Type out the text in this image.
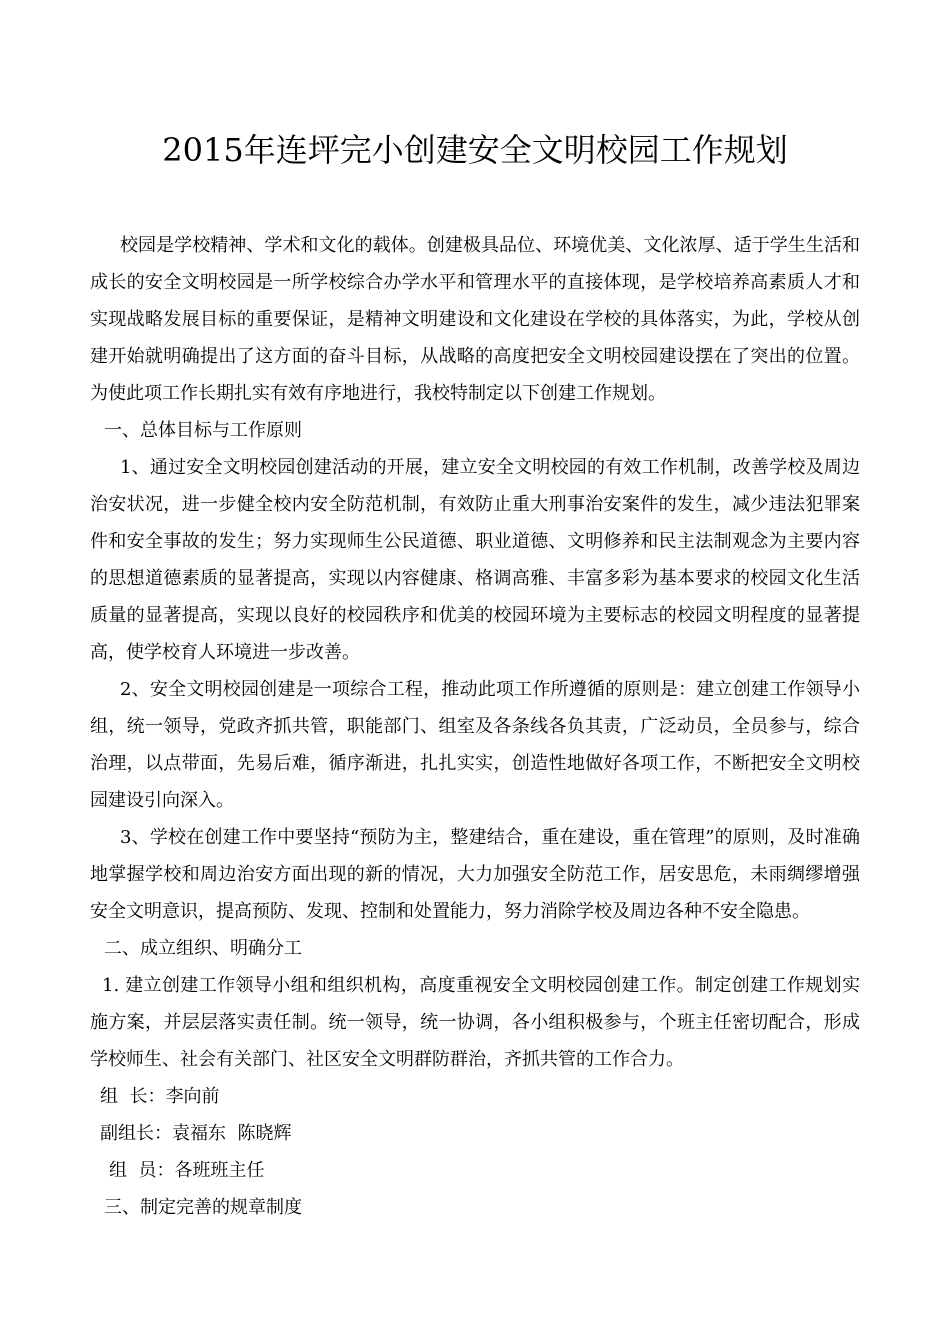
2015年连坪完小创建安全文明校园工作规划

校园是学校精神、学术和文化的载体。创建极具品位、环境优美、文化浓厚、适于学生生活和成长的安全文明校园是一所学校综合办学水平和管理水平的直接体现，是学校培养高素质人才和实现战略发展目标的重要保证，是精神文明建设和文化建设在学校的具体落实，为此，学校从创建开始就明确提出了这方面的奋斗目标，从战略的高度把安全文明校园建设摆在了突出的位置。为使此项工作长期扎实有效有序地进行，我校特制定以下创建工作规划。

一、总体目标与工作原则

1、通过安全文明校园创建活动的开展，建立安全文明校园的有效工作机制，改善学校及周边治安状况，进一步健全校内安全防范机制，有效防止重大刑事治安案件的发生，减少违法犯罪案件和安全事故的发生；努力实现师生公民道德、职业道德、文明修养和民主法制观念为主要内容的思想道德素质的显著提高，实现以内容健康、格调高雅、丰富多彩为基本要求的校园文化生活质量的显著提高，实现以良好的校园秩序和优美的校园环境为主要标志的校园文明程度的显著提高，使学校育人环境进一步改善。

2、安全文明校园创建是一项综合工程，推动此项工作所遵循的原则是：建立创建工作领导小组，统一领导，党政齐抓共管，职能部门、组室及各条线各负其责，广泛动员，全员参与，综合治理，以点带面，先易后难，循序渐进，扎扎实实，创造性地做好各项工作，不断把安全文明校园建设引向深入。

3、学校在创建工作中要坚持“预防为主，整建结合，重在建设，重在管理”的原则，及时准确地掌握学校和周边治安方面出现的新的情况，大力加强安全防范工作，居安思危，未雨绸缪增强安全文明意识，提高预防、发现、控制和处置能力，努力消除学校及周边各种不安全隐患。

二、成立组织、明确分工

1. 建立创建工作领导小组和组织机构，高度重视安全文明校园创建工作。制定创建工作规划实施方案，并层层落实责任制。统一领导，统一协调，各小组积极参与，个班主任密切配合，形成学校师生、社会有关部门、社区安全文明群防群治，齐抓共管的工作合力。

组  长：李向前

副组长：袁福东  陈晓辉

组  员：各班班主任

三、制定完善的规章制度
